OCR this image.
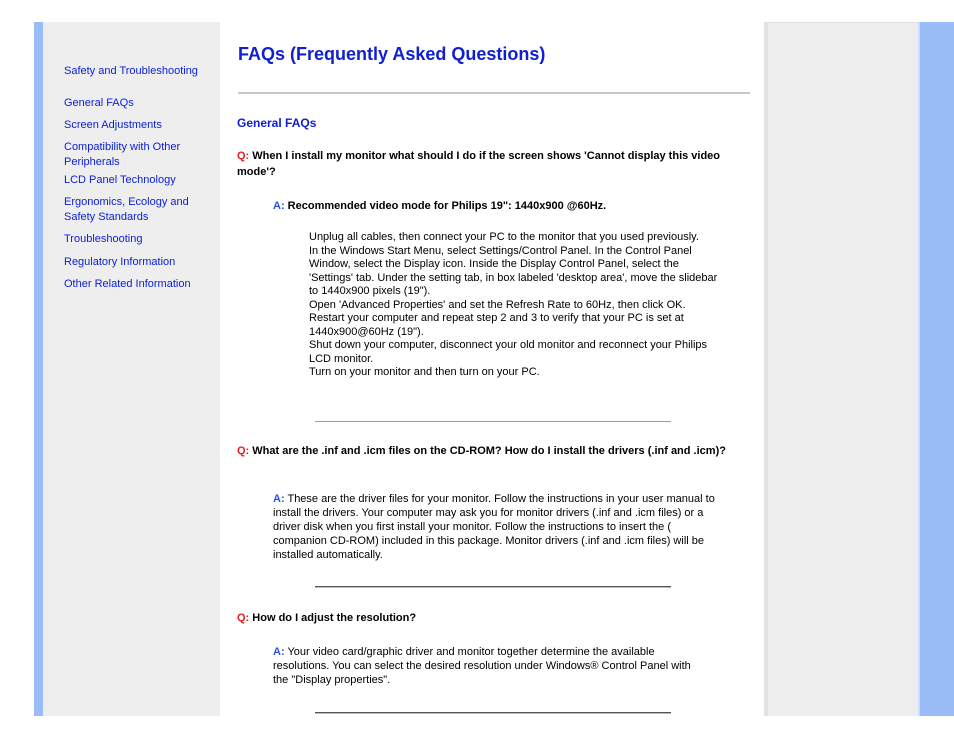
Safety and Troubleshooting
General FAQs
Screen Adjustments
Compatibility with Other Peripherals
LCD Panel Technology
Ergonomics, Ecology and Safety Standards
Troubleshooting
Regulatory Information
Other Related Information
FAQs (Frequently Asked Questions)
General FAQs
Q: When I install my monitor what should I do if the screen shows 'Cannot display this video mode'?
A: Recommended video mode for Philips 19": 1440x900 @60Hz.
Unplug all cables, then connect your PC to the monitor that you used previously.
In the Windows Start Menu, select Settings/Control Panel. In the Control Panel Window, select the Display icon. Inside the Display Control Panel, select the 'Settings' tab. Under the setting tab, in box labeled 'desktop area', move the slidebar to 1440x900 pixels (19").
Open 'Advanced Properties' and set the Refresh Rate to 60Hz, then click OK.
Restart your computer and repeat step 2 and 3 to verify that your PC is set at 1440x900@60Hz (19").
Shut down your computer, disconnect your old monitor and reconnect your Philips LCD monitor.
Turn on your monitor and then turn on your PC.
Q: What are the .inf and .icm files on the CD-ROM? How do I install the drivers (.inf and .icm)?
A: These are the driver files for your monitor. Follow the instructions in your user manual to install the drivers. Your computer may ask you for monitor drivers (.inf and .icm files) or a driver disk when you first install your monitor. Follow the instructions to insert the ( companion CD-ROM) included in this package. Monitor drivers (.inf and .icm files) will be installed automatically.
Q: How do I adjust the resolution?
A: Your video card/graphic driver and monitor together determine the available resolutions. You can select the desired resolution under Windows® Control Panel with the "Display properties".
